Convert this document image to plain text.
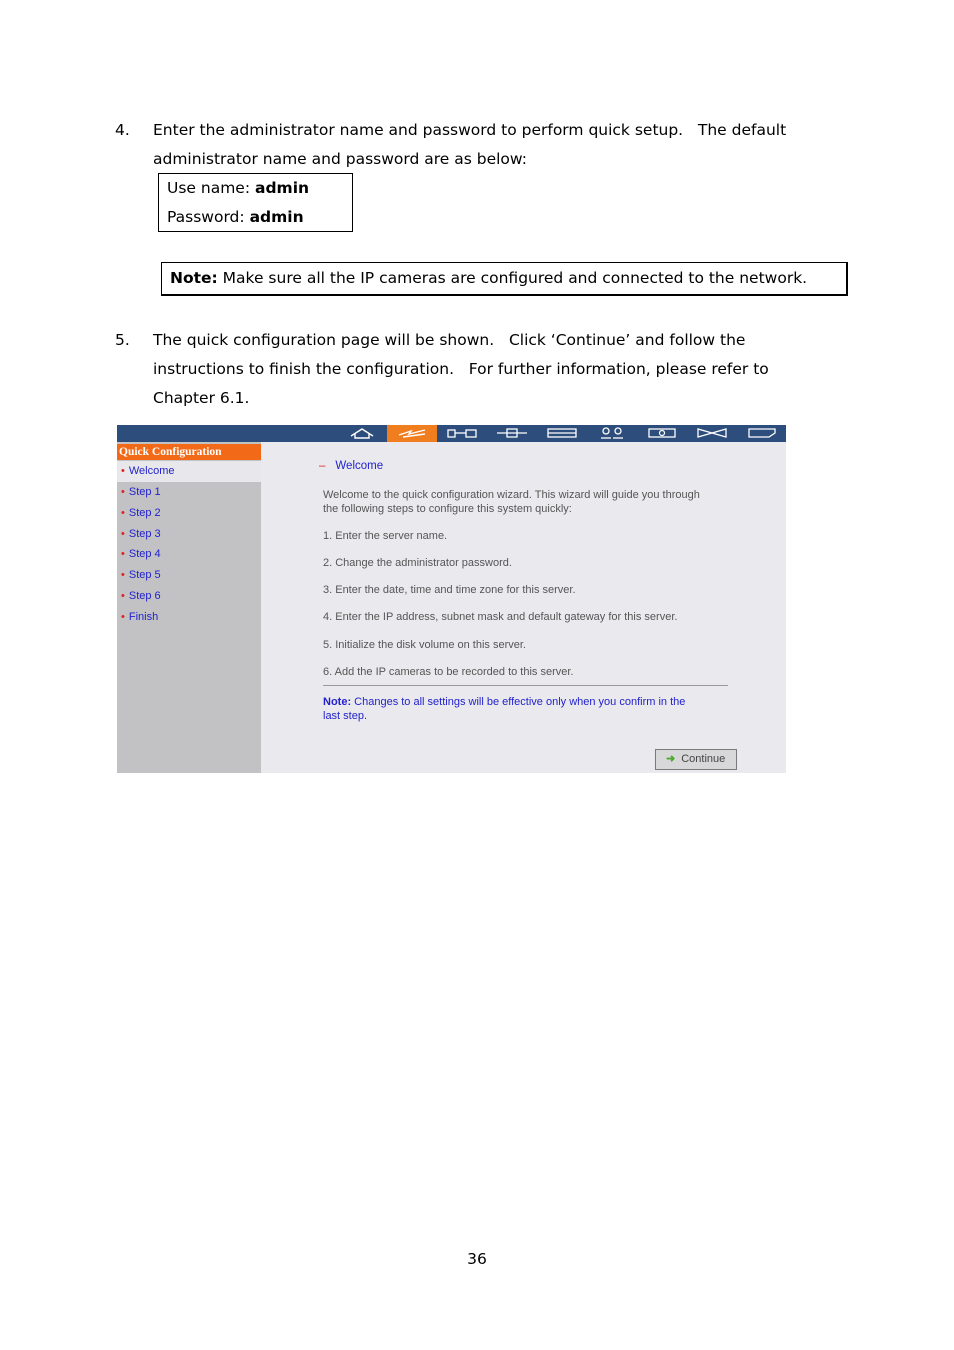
4. Enter the administrator name and password to perform quick setup.   The default
administrator name and password are as below:
Use name: admin
Password: admin
Note: Make sure all the IP cameras are configured and connected to the network.
5. The quick configuration page will be shown.   Click ‘Continue’ and follow the
instructions to finish the configuration.   For further information, please refer to
Chapter 6.1.
Quick Configuration
• Welcome
• Step 1
• Step 2
• Step 3
• Step 4
• Step 5
• Step 6
• Finish
– Welcome
Welcome to the quick configuration wizard. This wizard will guide you through
the following steps to configure this system quickly:
1. Enter the server name.
2. Change the administrator password.
3. Enter the date, time and time zone for this server.
4. Enter the IP address, subnet mask and default gateway for this server.
5. Initialize the disk volume on this server.
6. Add the IP cameras to be recorded to this server.
Note: Changes to all settings will be effective only when you confirm in the
last step.
➜ Continue
36
